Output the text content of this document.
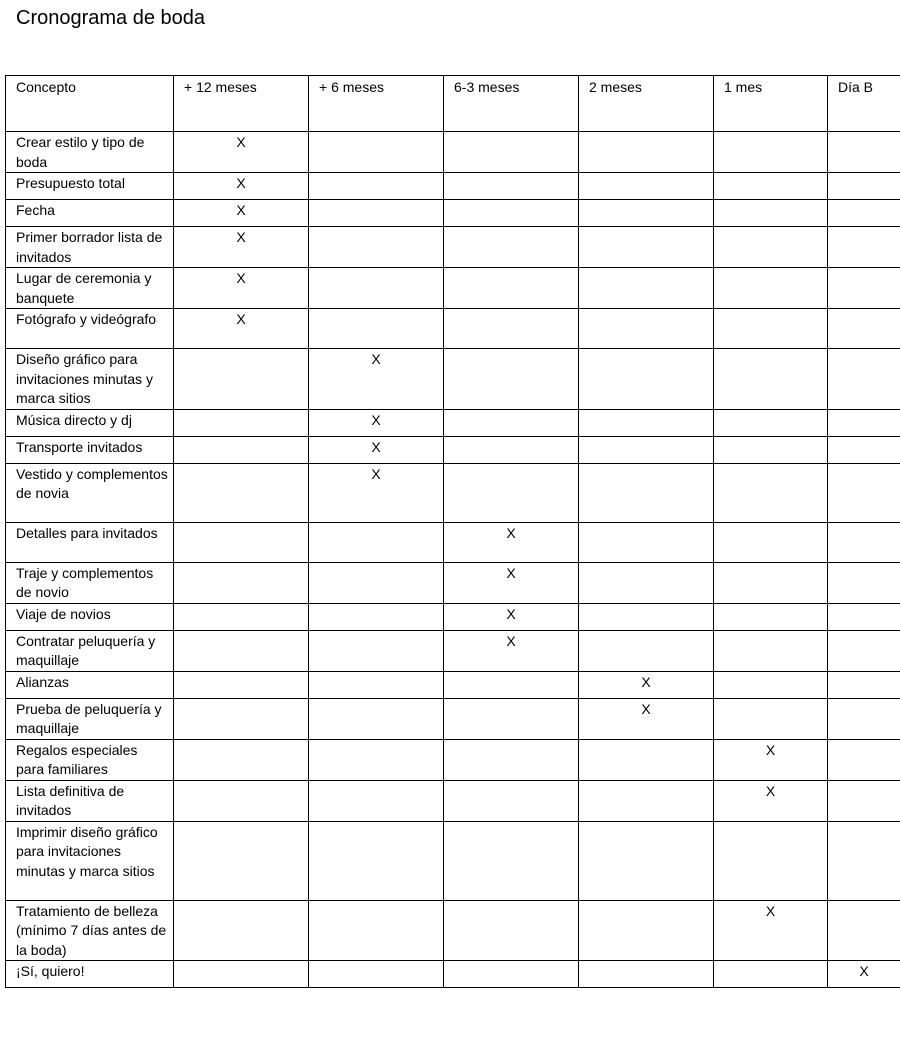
Cronograma de boda
Concepto	+ 12 meses	+ 6 meses	6-3 meses	2 meses	1 mes	Día B
Crear estilo y tipo de boda	X					
Presupuesto total	X					
Fecha	X					
Primer borrador lista de invitados	X					
Lugar de ceremonia y banquete	X					
Fotógrafo y videógrafo	X					
Diseño gráfico para invitaciones minutas y marca sitios		X				
Música directo y dj		X				
Transporte invitados		X				
Vestido y complementos de novia		X				
Detalles para invitados			X			
Traje y complementos de novio			X			
Viaje de novios			X			
Contratar peluquería y maquillaje			X			
Alianzas				X		
Prueba de peluquería y maquillaje				X		
Regalos especiales para familiares					X	
Lista definitiva de invitados					X	
Imprimir diseño gráfico para invitaciones minutas y marca sitios						
Tratamiento de belleza (mínimo 7 días antes de la boda)					X	
¡Sí, quiero!						X
